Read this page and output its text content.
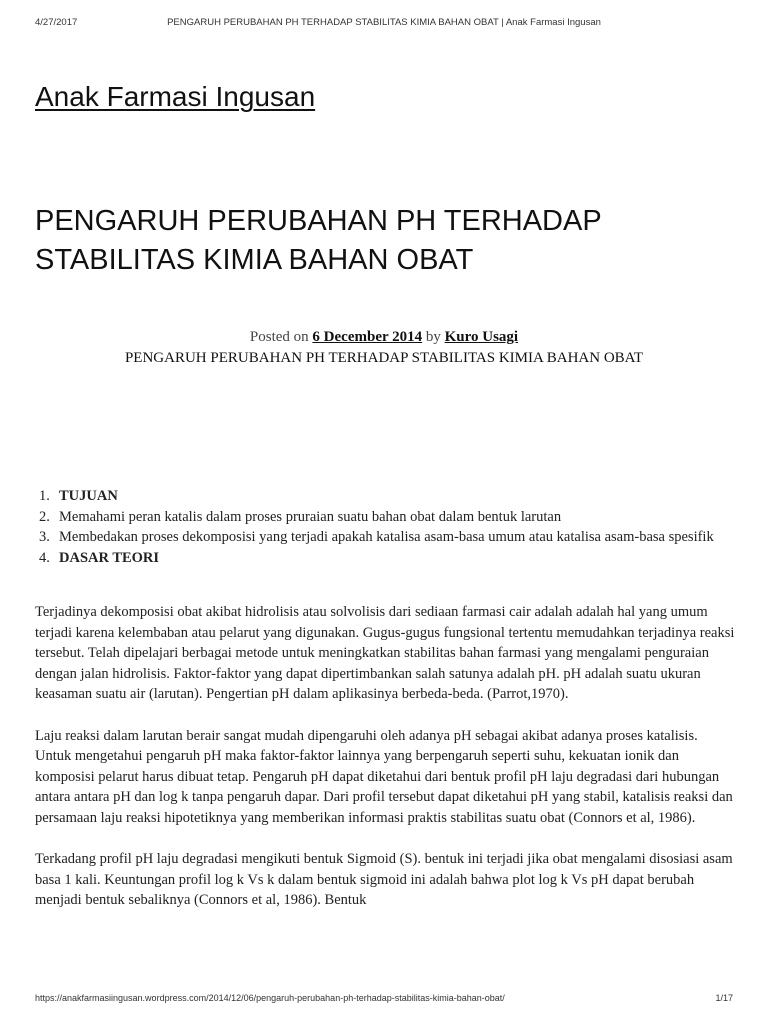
4/27/2017	PENGARUH PERUBAHAN PH TERHADAP STABILITAS KIMIA BAHAN OBAT | Anak Farmasi Ingusan
Anak Farmasi Ingusan
PENGARUH PERUBAHAN PH TERHADAP STABILITAS KIMIA BAHAN OBAT
Posted on 6 December 2014 by Kuro Usagi
PENGARUH PERUBAHAN PH TERHADAP STABILITAS KIMIA BAHAN OBAT
1. TUJUAN
2. Memahami peran katalis dalam proses pruraian suatu bahan obat dalam bentuk larutan
3. Membedakan proses dekomposisi yang terjadi apakah katalisa asam-basa umum atau katalisa asam-basa spesifik
4. DASAR TEORI

Terjadinya dekomposisi obat akibat hidrolisis atau solvolisis dari sediaan farmasi cair adalah adalah hal yang umum terjadi karena kelembaban atau pelarut yang digunakan. Gugus-gugus fungsional tertentu memudahkan terjadinya reaksi tersebut. Telah dipelajari berbagai metode untuk meningkatkan stabilitas bahan farmasi yang mengalami penguraian dengan jalan hidrolisis. Faktor-faktor yang dapat dipertimbankan salah satunya adalah pH. pH adalah suatu ukuran keasaman suatu air (larutan). Pengertian pH dalam aplikasinya berbeda-beda. (Parrot,1970).

Laju reaksi dalam larutan berair sangat mudah dipengaruhi oleh adanya pH sebagai akibat adanya proses katalisis. Untuk mengetahui pengaruh pH maka faktor-faktor lainnya yang berpengaruh seperti suhu, kekuatan ionik dan komposisi pelarut harus dibuat tetap. Pengaruh pH dapat diketahui dari bentuk profil pH laju degradasi dari hubungan antara antara pH dan log k tanpa pengaruh dapar. Dari profil tersebut dapat diketahui pH yang stabil, katalisis reaksi dan persamaan laju reaksi hipotetiknya yang memberikan informasi praktis stabilitas suatu obat (Connors et al, 1986).

Terkadang profil pH laju degradasi mengikuti bentuk Sigmoid (S). bentuk ini terjadi jika obat mengalami disosiasi asam basa 1 kali. Keuntungan profil log k Vs k dalam bentuk sigmoid ini adalah bahwa plot log k Vs pH dapat berubah menjadi bentuk sebaliknya (Connors et al, 1986). Bentuk

https://anakfarmasiingusan.wordpress.com/2014/12/06/pengaruh-perubahan-ph-terhadap-stabilitas-kimia-bahan-obat/	1/17
